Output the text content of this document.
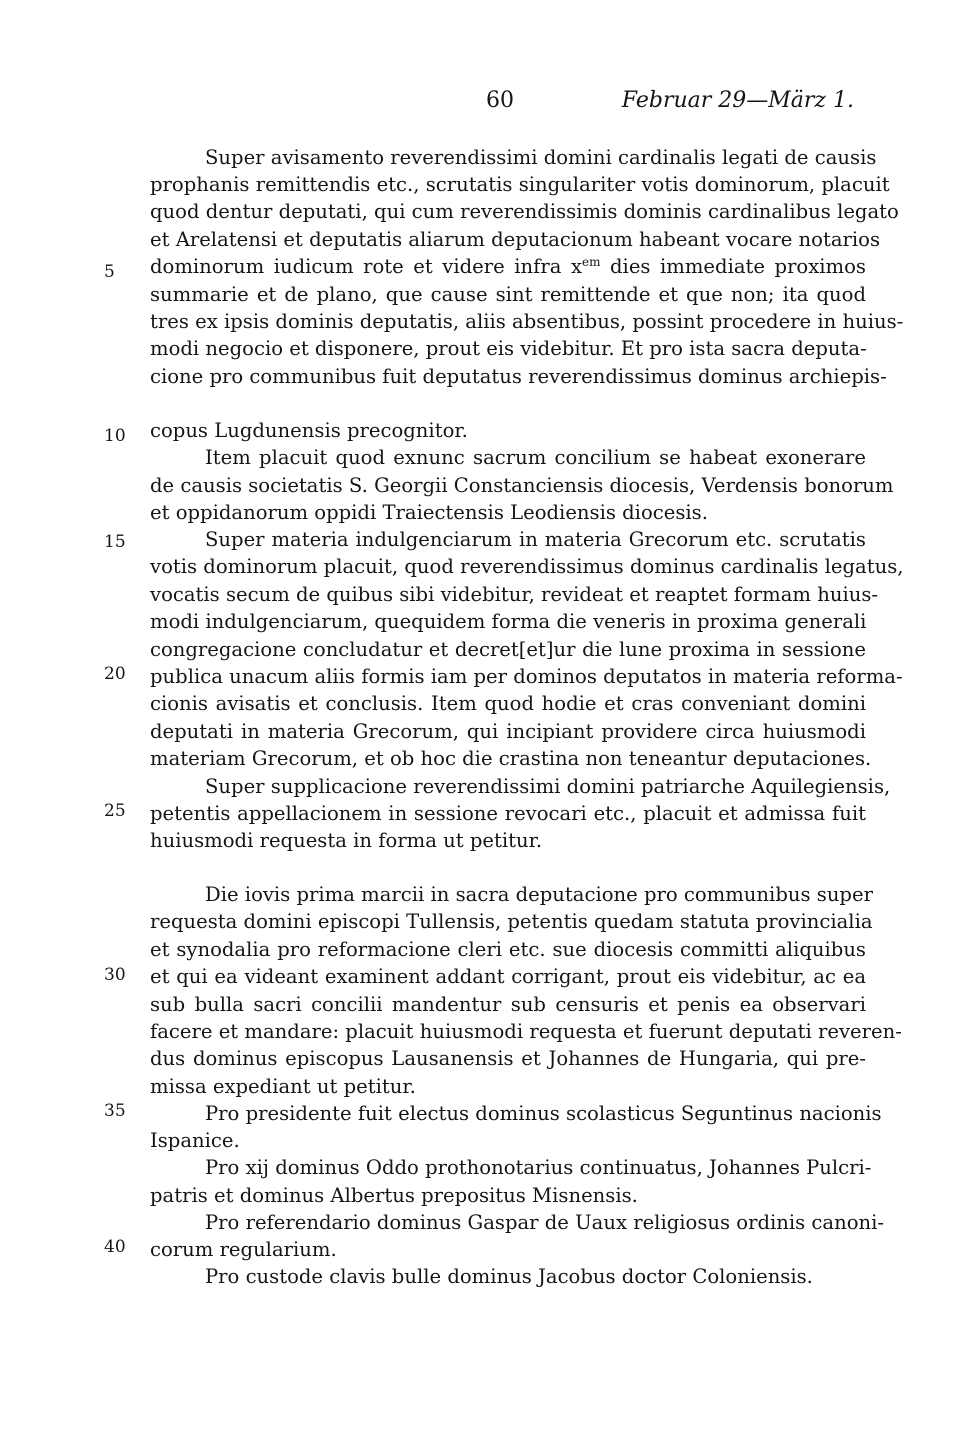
60	Februar 29—März 1.
5
10
15
20
25
30
35
40
Super avisamento reverendissimi domini cardinalis legati de causis
prophanis remittendis etc., scrutatis singulariter votis dominorum, placuit
quod dentur deputati, qui cum reverendissimis dominis cardinalibus legato
et Arelatensi et deputatis aliarum deputacionum habeant vocare notarios
dominorum iudicum rote et videre infra $x^{em}$ dies immediate proximos
summarie et de plano, que cause sint remittende et que non; ita quod
tres ex ipsis dominis deputatis, aliis absentibus, possint procedere in huius-
modi negocio et disponere, prout eis videbitur. Et pro ista sacra deputa-
cione pro communibus fuit deputatus reverendissimus dominus archiepis-
copus Lugdunensis precognitor.
Item placuit quod exnunc sacrum concilium se habeat exonerare
de causis societatis S. Georgii Constanciensis diocesis, Verdensis bonorum
et oppidanorum oppidi Traiectensis Leodiensis diocesis.
Super materia indulgenciarum in materia Grecorum etc. scrutatis
votis dominorum placuit, quod reverendissimus dominus cardinalis legatus,
vocatis secum de quibus sibi videbitur, revideat et reaptet formam huius-
modi indulgenciarum, quequidem forma die veneris in proxima generali
congregacione concludatur et decret[et]ur die lune proxima in sessione
publica unacum aliis formis iam per dominos deputatos in materia reforma-
cionis avisatis et conclusis. Item quod hodie et cras conveniant domini
deputati in materia Grecorum, qui incipiant providere circa huiusmodi
materiam Grecorum, et ob hoc die crastina non teneantur deputaciones.
Super supplicacione reverendissimi domini patriarche Aquilegiensis,
petentis appellacionem in sessione revocari etc., placuit et admissa fuit
huiusmodi requesta in forma ut petitur.
Die iovis prima marcii in sacra deputacione pro communibus super
requesta domini episcopi Tullensis, petentis quedam statuta provincialia
et synodalia pro reformacione cleri etc. sue diocesis committi aliquibus
et qui ea videant examinent addant corrigant, prout eis videbitur, ac ea
sub bulla sacri concilii mandentur sub censuris et penis ea observari
facere et mandare: placuit huiusmodi requesta et fuerunt deputati reveren-
dus dominus episcopus Lausanensis et Johannes de Hungaria, qui pre-
missa expediant ut petitur.
Pro presidente fuit electus dominus scolasticus Seguntinus nacionis
Ispanice.
Pro xij dominus Oddo prothonotarius continuatus, Johannes Pulcri-
patris et dominus Albertus prepositus Misnensis.
Pro referendario dominus Gaspar de Uaux religiosus ordinis canoni-
corum regularium.
Pro custode clavis bulle dominus Jacobus doctor Coloniensis.
